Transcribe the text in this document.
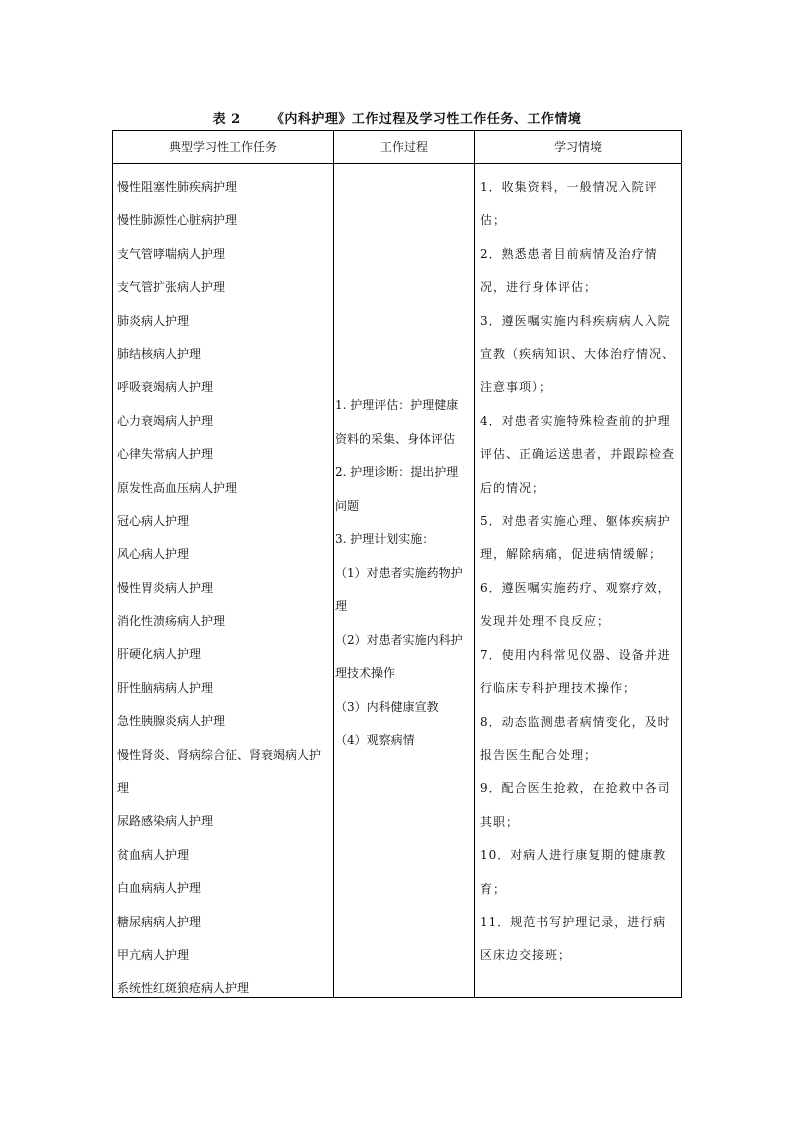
表 2      《内科护理》工作过程及学习性工作任务、工作情境
典型学习性工作任务	工作过程	学习情境
慢性阻塞性肺疾病护理
慢性肺源性心脏病护理
支气管哮喘病人护理
支气管扩张病人护理
肺炎病人护理
肺结核病人护理
呼吸衰竭病人护理
心力衰竭病人护理
心律失常病人护理
原发性高血压病人护理
冠心病人护理
风心病人护理
慢性胃炎病人护理
消化性溃疡病人护理
肝硬化病人护理
肝性脑病病人护理
急性胰腺炎病人护理
慢性肾炎、肾病综合征、肾衰竭病人护理
尿路感染病人护理
贫血病人护理
白血病病人护理
糖尿病病人护理
甲亢病人护理
系统性红斑狼疮病人护理

1. 护理评估：护理健康资料的采集、身体评估

2. 护理诊断：提出护理问题

3. 护理计划实施：

（1）对患者实施药物护理

（2）对患者实施内科护理技术操作

（3）内科健康宣教

（4）观察病情

1．收集资料，一般情况入院评估；

2．熟悉患者目前病情及治疗情况，进行身体评估；

3．遵医嘱实施内科疾病病人入院宣教（疾病知识、大体治疗情况、注意事项）；

4．对患者实施特殊检查前的护理评估、正确运送患者，并跟踪检查后的情况；

5．对患者实施心理、躯体疾病护理，解除病痛，促进病情缓解；

6．遵医嘱实施药疗、观察疗效，发现并处理不良反应；

7．使用内科常见仪器、设备并进行临床专科护理技术操作；

8．动态监测患者病情变化，及时报告医生配合处理；

9．配合医生抢救，在抢救中各司其职；

10．对病人进行康复期的健康教育；

11．规范书写护理记录，进行病区床边交接班；
